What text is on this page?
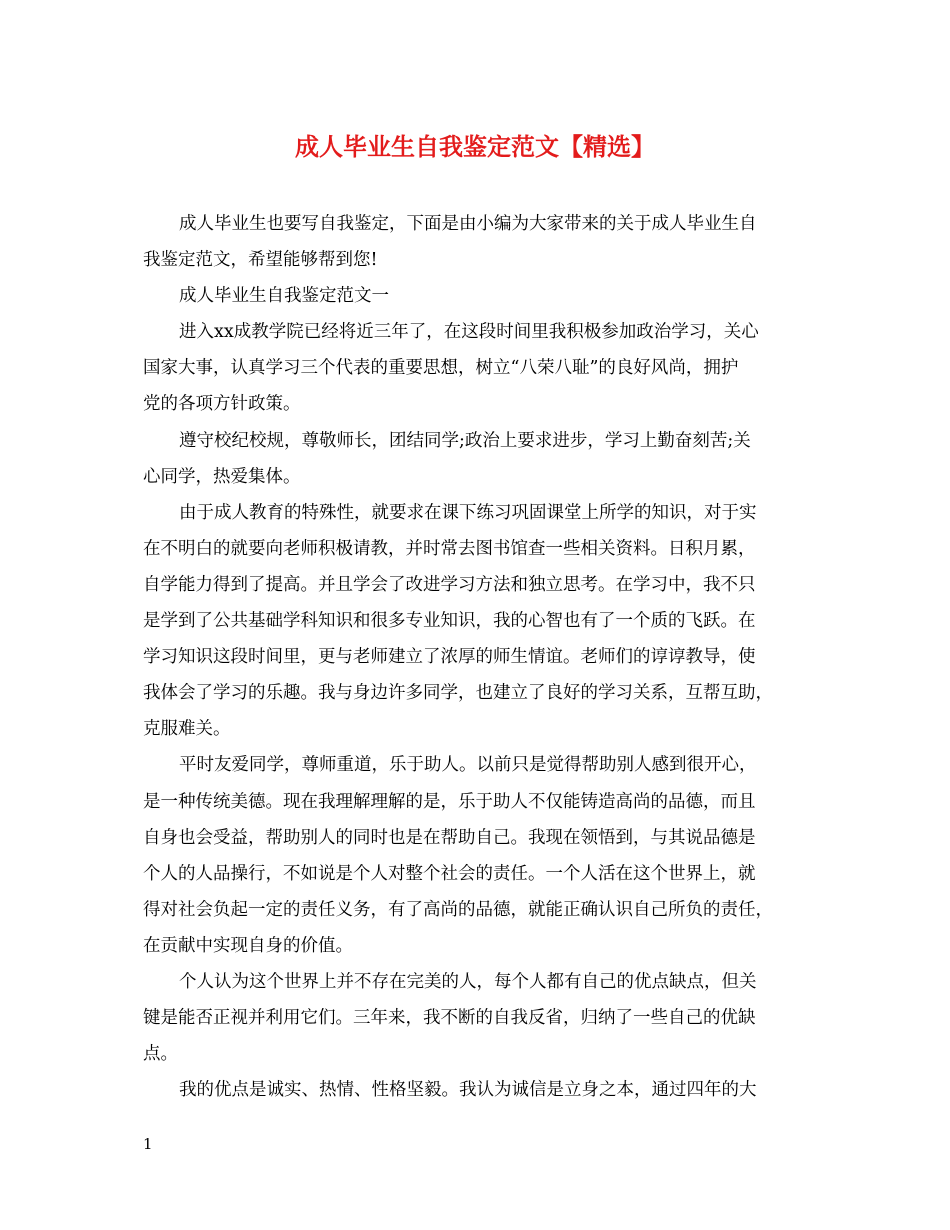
成人毕业生自我鉴定范文【精选】

成人毕业生也要写自我鉴定，下面是由小编为大家带来的关于成人毕业生自
我鉴定范文，希望能够帮到您!

成人毕业生自我鉴定范文一

进入xx成教学院已经将近三年了，在这段时间里我积极参加政治学习，关心
国家大事，认真学习三个代表的重要思想，树立“八荣八耻”的良好风尚，拥护
党的各项方针政策。

遵守校纪校规，尊敬师长，团结同学;政治上要求进步，学习上勤奋刻苦;关
心同学，热爱集体。

由于成人教育的特殊性，就要求在课下练习巩固课堂上所学的知识，对于实
在不明白的就要向老师积极请教，并时常去图书馆查一些相关资料。日积月累，
自学能力得到了提高。并且学会了改进学习方法和独立思考。在学习中，我不只
是学到了公共基础学科知识和很多专业知识，我的心智也有了一个质的飞跃。在
学习知识这段时间里，更与老师建立了浓厚的师生情谊。老师们的谆谆教导，使
我体会了学习的乐趣。我与身边许多同学，也建立了良好的学习关系，互帮互助，
克服难关。

平时友爱同学，尊师重道，乐于助人。以前只是觉得帮助别人感到很开心，
是一种传统美德。现在我理解理解的是，乐于助人不仅能铸造高尚的品德，而且
自身也会受益，帮助别人的同时也是在帮助自己。我现在领悟到，与其说品德是
个人的人品操行，不如说是个人对整个社会的责任。一个人活在这个世界上，就
得对社会负起一定的责任义务，有了高尚的品德，就能正确认识自己所负的责任，
在贡献中实现自身的价值。

个人认为这个世界上并不存在完美的人，每个人都有自己的优点缺点，但关
键是能否正视并利用它们。三年来，我不断的自我反省，归纳了一些自己的优缺
点。

我的优点是诚实、热情、性格坚毅。我认为诚信是立身之本，通过四年的大

1
